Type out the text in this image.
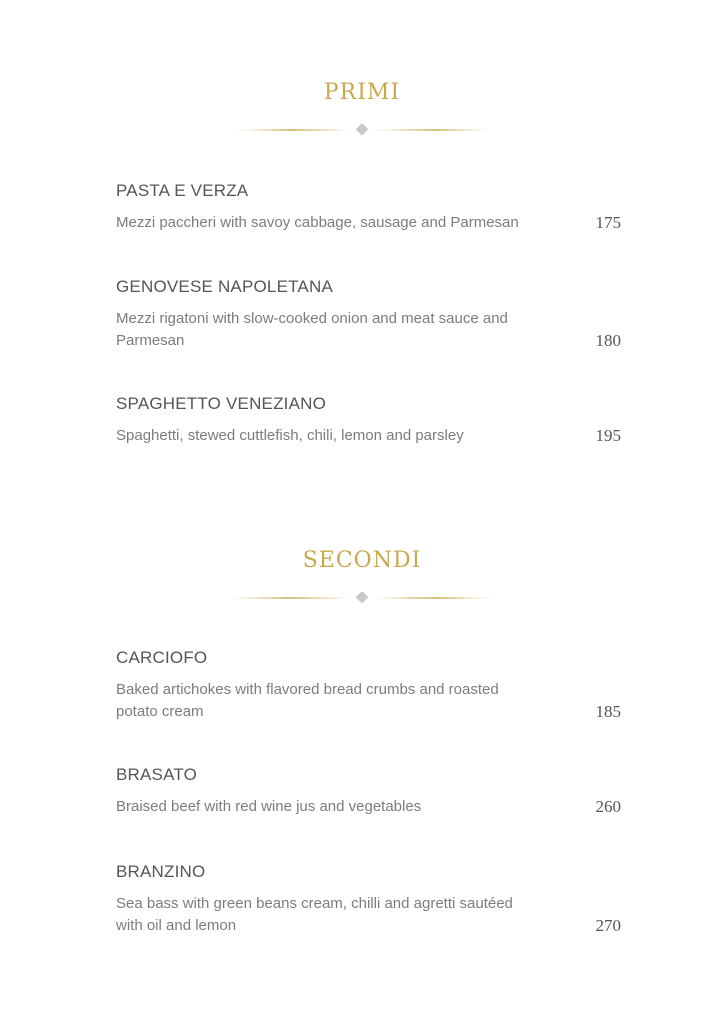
PRIMI
PASTA E VERZA
Mezzi paccheri with savoy cabbage, sausage and Parmesan	175
GENOVESE NAPOLETANA
Mezzi rigatoni with slow-cooked onion and meat sauce and Parmesan	180
SPAGHETTO VENEZIANO
Spaghetti, stewed cuttlefish, chili, lemon and parsley	195
SECONDI
CARCIOFO
Baked artichokes with flavored bread crumbs and roasted potato cream	185
BRASATO
Braised beef with red wine jus and vegetables	260
BRANZINO
Sea bass with green beans cream, chilli and agretti sautéed with oil and lemon	270
